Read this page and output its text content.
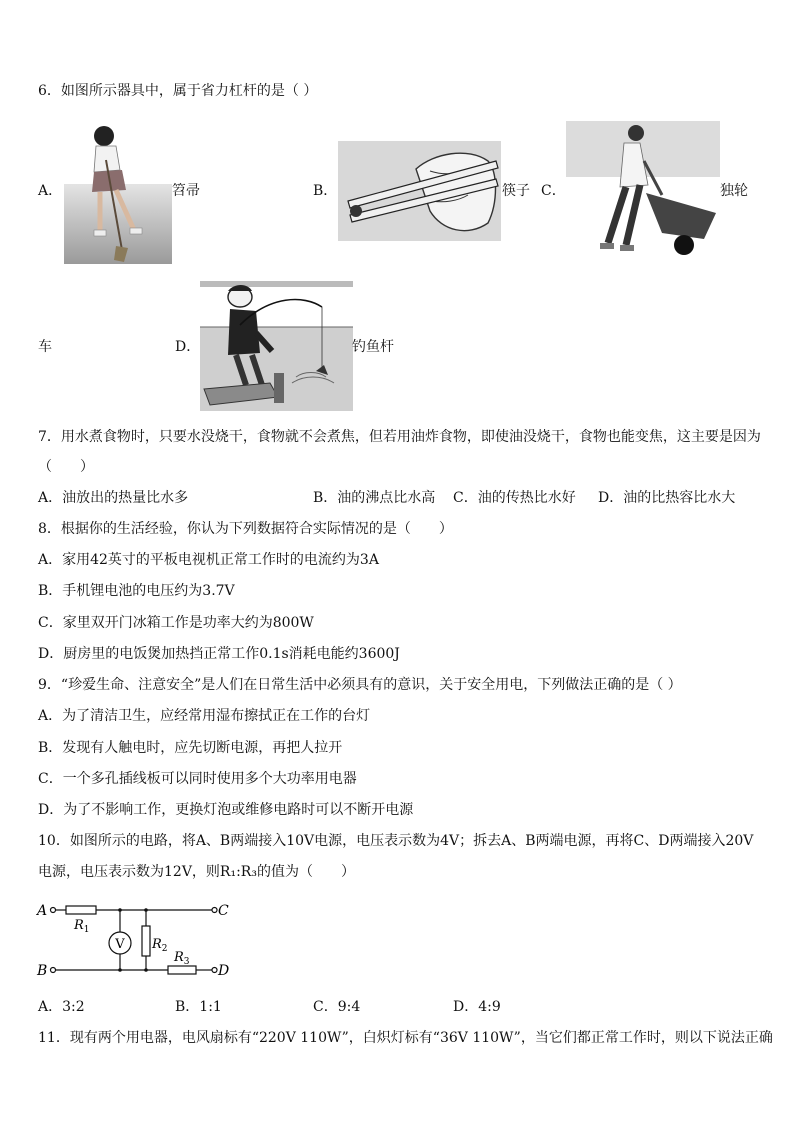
6．如图所示器具中，属于省力杠杆的是（ ）
A．	笤帚	B．	筷子 C．	独轮
车	D．	钓鱼杆
7．用水煮食物时，只要水没烧干，食物就不会煮焦，但若用油炸食物，即使油没烧干，食物也能变焦，这主要是因为
（　　）
A．油放出的热量比水多	B．油的沸点比水高 C．油的传热比水好 D．油的比热容比水大
8．根据你的生活经验，你认为下列数据符合实际情况的是（　　）
A．家用42英寸的平板电视机正常工作时的电流约为3A
B．手机锂电池的电压约为3.7V
C．家里双开门冰箱工作是功率大约为800W
D．厨房里的电饭煲加热挡正常工作0.1s消耗电能约3600J
9．“珍爱生命、注意安全”是人们在日常生活中必须具有的意识，关于安全用电，下列做法正确的是（ ）
A．为了清洁卫生，应经常用湿布擦拭正在工作的台灯
B．发现有人触电时，应先切断电源，再把人拉开
C．一个多孔插线板可以同时使用多个大功率用电器
D．为了不影响工作，更换灯泡或维修电路时可以不断开电源
10．如图所示的电路，将A、B两端接入10V电源，电压表示数为4V；拆去A、B两端电源，再将C、D两端接入20V
电源，电压表示数为12V，则R₁:R₃的值为（　　）
A
B
C
D
$R_1$
$R_2$
$R_3$
V
A．3:2	B．1:1	C．9:4	D．4:9
11．现有两个用电器，电风扇标有“220V 110W”，白炽灯标有“36V 110W”，当它们都正常工作时，则以下说法正确
